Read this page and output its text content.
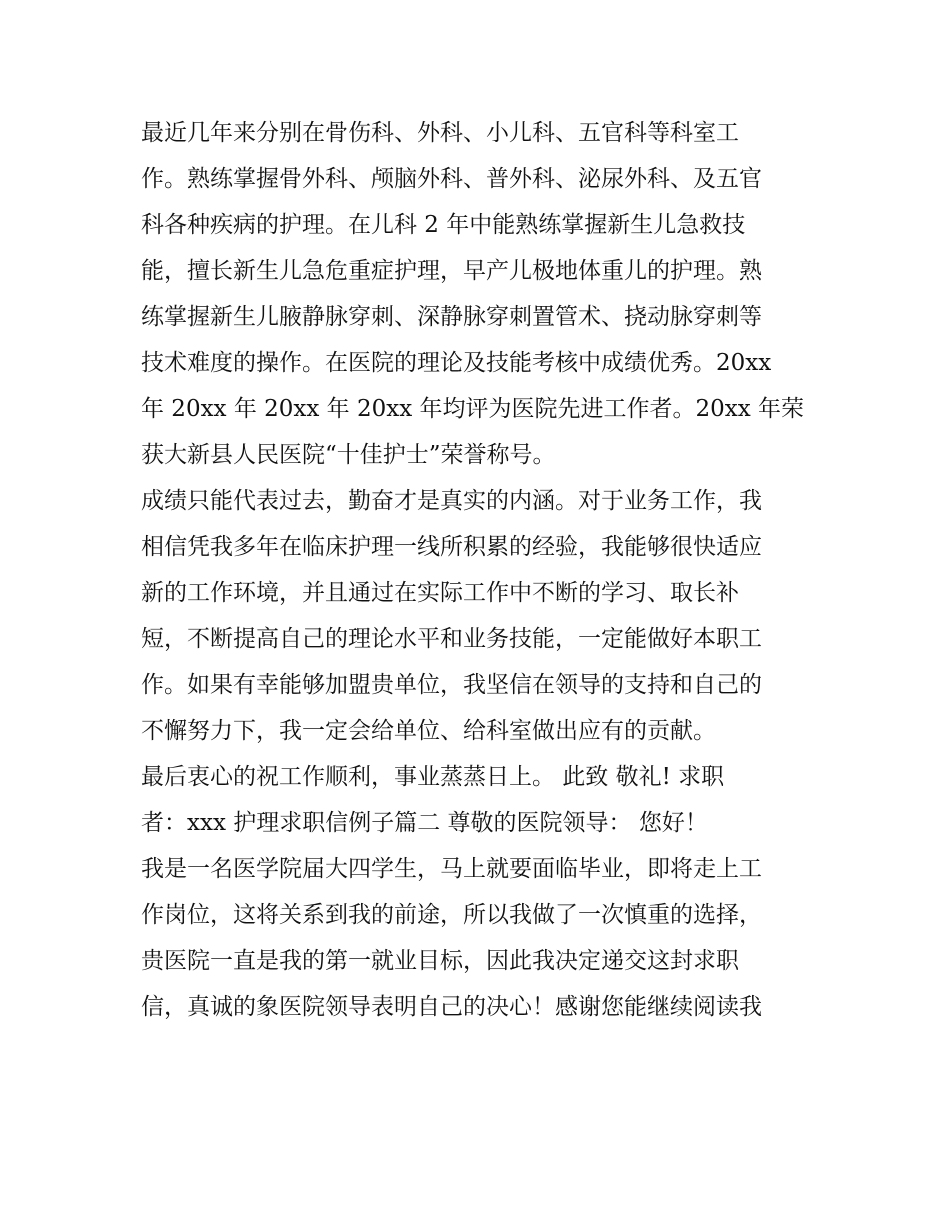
最近几年来分别在骨伤科、外科、小儿科、五官科等科室工
作。熟练掌握骨外科、颅脑外科、普外科、泌尿外科、及五官
科各种疾病的护理。在儿科 2 年中能熟练掌握新生儿急救技
能，擅长新生儿急危重症护理，早产儿极地体重儿的护理。熟
练掌握新生儿腋静脉穿刺、深静脉穿刺置管术、挠动脉穿刺等
技术难度的操作。在医院的理论及技能考核中成绩优秀。20xx
年 20xx 年 20xx 年 20xx 年均评为医院先进工作者。20xx 年荣
获大新县人民医院“十佳护士”荣誉称号。
成绩只能代表过去，勤奋才是真实的内涵。对于业务工作，我
相信凭我多年在临床护理一线所积累的经验，我能够很快适应
新的工作环境，并且通过在实际工作中不断的学习、取长补
短，不断提高自己的理论水平和业务技能，一定能做好本职工
作。如果有幸能够加盟贵单位，我坚信在领导的支持和自己的
不懈努力下，我一定会给单位、给科室做出应有的贡献。
最后衷心的祝工作顺利，事业蒸蒸日上。 此致 敬礼! 求职
者：xxx 护理求职信例子篇二 尊敬的医院领导： 您好！
我是一名医学院届大四学生，马上就要面临毕业，即将走上工
作岗位，这将关系到我的前途，所以我做了一次慎重的选择，
贵医院一直是我的第一就业目标，因此我决定递交这封求职
信，真诚的象医院领导表明自己的决心！感谢您能继续阅读我
